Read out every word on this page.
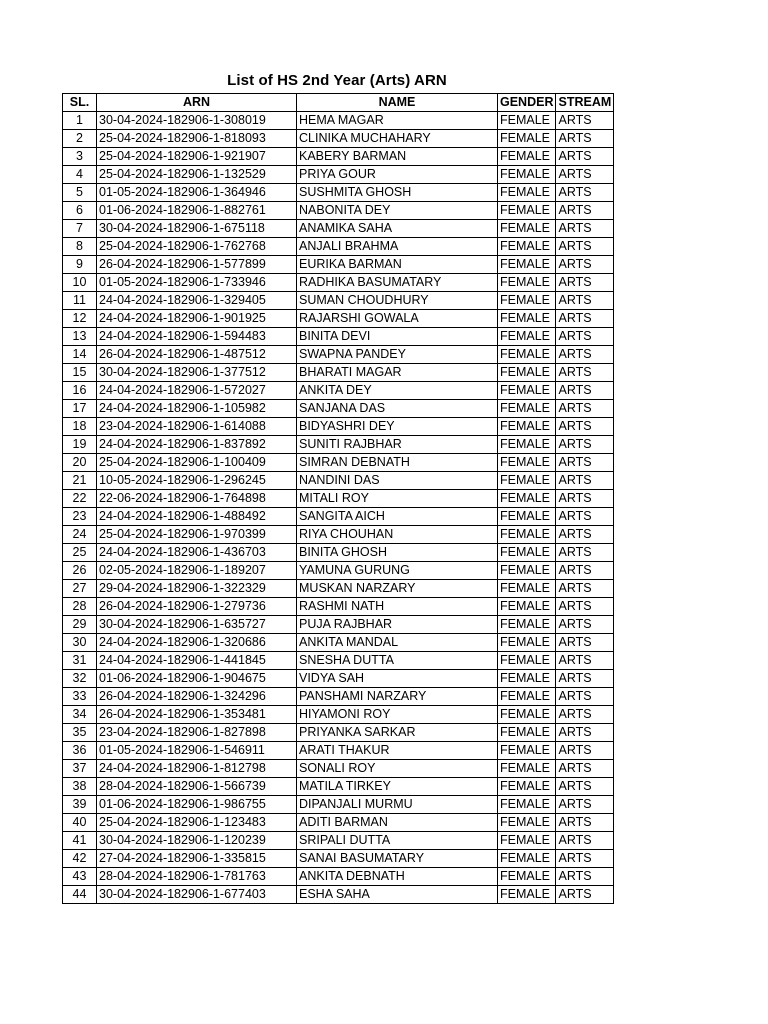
List of HS 2nd Year (Arts) ARN
SL.	ARN	NAME	GENDER	STREAM
1	30-04-2024-182906-1-308019	HEMA MAGAR	FEMALE	ARTS
2	25-04-2024-182906-1-818093	CLINIKA MUCHAHARY	FEMALE	ARTS
3	25-04-2024-182906-1-921907	KABERY BARMAN	FEMALE	ARTS
4	25-04-2024-182906-1-132529	PRIYA GOUR	FEMALE	ARTS
5	01-05-2024-182906-1-364946	SUSHMITA GHOSH	FEMALE	ARTS
6	01-06-2024-182906-1-882761	NABONITA DEY	FEMALE	ARTS
7	30-04-2024-182906-1-675118	ANAMIKA SAHA	FEMALE	ARTS
8	25-04-2024-182906-1-762768	ANJALI BRAHMA	FEMALE	ARTS
9	26-04-2024-182906-1-577899	EURIKA BARMAN	FEMALE	ARTS
10	01-05-2024-182906-1-733946	RADHIKA BASUMATARY	FEMALE	ARTS
11	24-04-2024-182906-1-329405	SUMAN CHOUDHURY	FEMALE	ARTS
12	24-04-2024-182906-1-901925	RAJARSHI GOWALA	FEMALE	ARTS
13	24-04-2024-182906-1-594483	BINITA DEVI	FEMALE	ARTS
14	26-04-2024-182906-1-487512	SWAPNA PANDEY	FEMALE	ARTS
15	30-04-2024-182906-1-377512	BHARATI MAGAR	FEMALE	ARTS
16	24-04-2024-182906-1-572027	ANKITA DEY	FEMALE	ARTS
17	24-04-2024-182906-1-105982	SANJANA DAS	FEMALE	ARTS
18	23-04-2024-182906-1-614088	BIDYASHRI DEY	FEMALE	ARTS
19	24-04-2024-182906-1-837892	SUNITI RAJBHAR	FEMALE	ARTS
20	25-04-2024-182906-1-100409	SIMRAN DEBNATH	FEMALE	ARTS
21	10-05-2024-182906-1-296245	NANDINI DAS	FEMALE	ARTS
22	22-06-2024-182906-1-764898	MITALI ROY	FEMALE	ARTS
23	24-04-2024-182906-1-488492	SANGITA AICH	FEMALE	ARTS
24	25-04-2024-182906-1-970399	RIYA CHOUHAN	FEMALE	ARTS
25	24-04-2024-182906-1-436703	BINITA GHOSH	FEMALE	ARTS
26	02-05-2024-182906-1-189207	YAMUNA GURUNG	FEMALE	ARTS
27	29-04-2024-182906-1-322329	MUSKAN NARZARY	FEMALE	ARTS
28	26-04-2024-182906-1-279736	RASHMI NATH	FEMALE	ARTS
29	30-04-2024-182906-1-635727	PUJA RAJBHAR	FEMALE	ARTS
30	24-04-2024-182906-1-320686	ANKITA MANDAL	FEMALE	ARTS
31	24-04-2024-182906-1-441845	SNESHA DUTTA	FEMALE	ARTS
32	01-06-2024-182906-1-904675	VIDYA SAH	FEMALE	ARTS
33	26-04-2024-182906-1-324296	PANSHAMI NARZARY	FEMALE	ARTS
34	26-04-2024-182906-1-353481	HIYAMONI ROY	FEMALE	ARTS
35	23-04-2024-182906-1-827898	PRIYANKA SARKAR	FEMALE	ARTS
36	01-05-2024-182906-1-546911	ARATI THAKUR	FEMALE	ARTS
37	24-04-2024-182906-1-812798	SONALI ROY	FEMALE	ARTS
38	28-04-2024-182906-1-566739	MATILA TIRKEY	FEMALE	ARTS
39	01-06-2024-182906-1-986755	DIPANJALI MURMU	FEMALE	ARTS
40	25-04-2024-182906-1-123483	ADITI BARMAN	FEMALE	ARTS
41	30-04-2024-182906-1-120239	SRIPALI DUTTA	FEMALE	ARTS
42	27-04-2024-182906-1-335815	SANAI BASUMATARY	FEMALE	ARTS
43	28-04-2024-182906-1-781763	ANKITA DEBNATH	FEMALE	ARTS
44	30-04-2024-182906-1-677403	ESHA SAHA	FEMALE	ARTS
